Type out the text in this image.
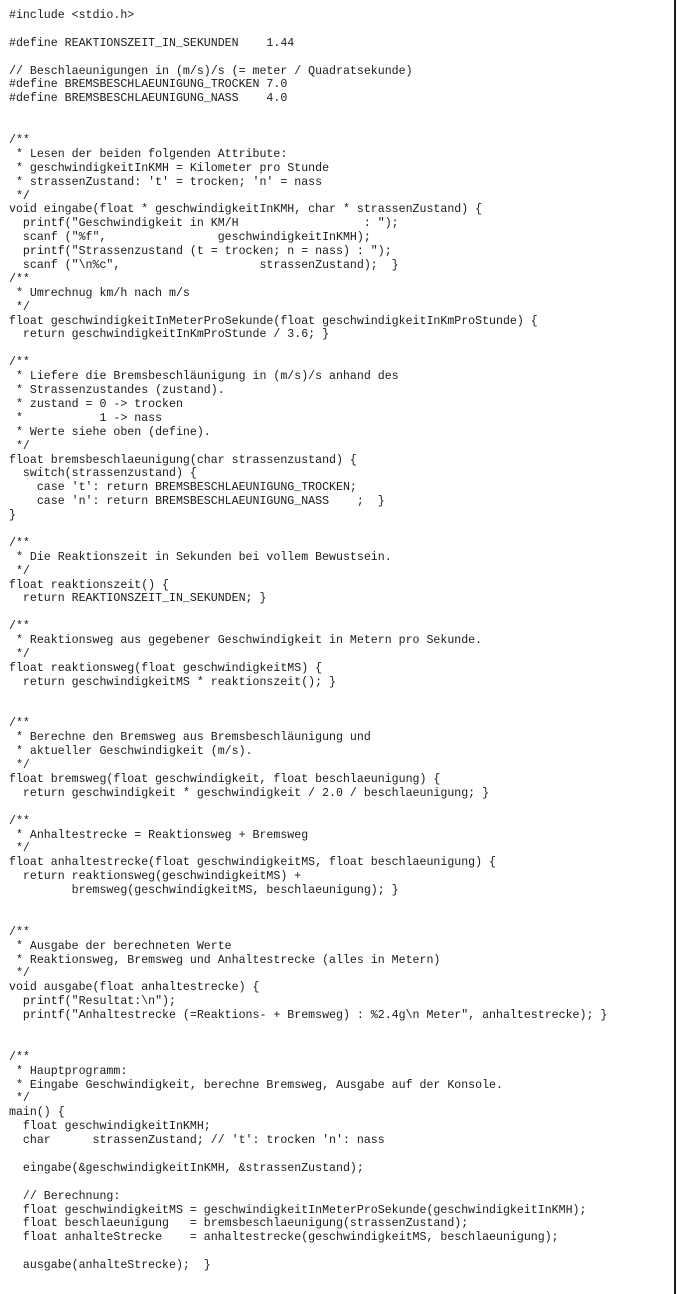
#include <stdio.h>
#define REAKTIONSZEIT_IN_SEKUNDEN    1.44
// Beschlaeunigungen in (m/s)/s (= meter / Quadratsekunde)
#define BREMSBESCHLAEUNIGUNG_TROCKEN 7.0
#define BREMSBESCHLAEUNIGUNG_NASS    4.0
/**
* Lesen der beiden folgenden Attribute:
* geschwindigkeitInKMH = Kilometer pro Stunde
* strassenZustand: 't' = trocken; 'n' = nass
*/
void eingabe(float * geschwindigkeitInKMH, char * strassenZustand) {
printf("Geschwindigkeit in KM/H                  : ");
scanf ("%f",                geschwindigkeitInKMH);
printf("Strassenzustand (t = trocken; n = nass) : ");
scanf ("\n%c",                    strassenZustand);  }
/**
* Umrechnug km/h nach m/s
*/
float geschwindigkeitInMeterProSekunde(float geschwindigkeitInKmProStunde) {
return geschwindigkeitInKmProStunde / 3.6; }
/**
* Liefere die Bremsbeschläunigung in (m/s)/s anhand des
* Strassenzustandes (zustand).
* zustand = 0 -> trocken
*           1 -> nass
* Werte siehe oben (define).
*/
float bremsbeschlaeunigung(char strassenzustand) {
switch(strassenzustand) {
case 't': return BREMSBESCHLAEUNIGUNG_TROCKEN;
case 'n': return BREMSBESCHLAEUNIGUNG_NASS    ;  }
}
/**
* Die Reaktionszeit in Sekunden bei vollem Bewustsein.
*/
float reaktionszeit() {
return REAKTIONSZEIT_IN_SEKUNDEN; }
/**
* Reaktionsweg aus gegebener Geschwindigkeit in Metern pro Sekunde.
*/
float reaktionsweg(float geschwindigkeitMS) {
return geschwindigkeitMS * reaktionszeit(); }
/**
* Berechne den Bremsweg aus Bremsbeschläunigung und
* aktueller Geschwindigkeit (m/s).
*/
float bremsweg(float geschwindigkeit, float beschlaeunigung) {
return geschwindigkeit * geschwindigkeit / 2.0 / beschlaeunigung; }
/**
* Anhaltestrecke = Reaktionsweg + Bremsweg
*/
float anhaltestrecke(float geschwindigkeitMS, float beschlaeunigung) {
return reaktionsweg(geschwindigkeitMS) +
bremsweg(geschwindigkeitMS, beschlaeunigung); }
/**
* Ausgabe der berechneten Werte
* Reaktionsweg, Bremsweg und Anhaltestrecke (alles in Metern)
*/
void ausgabe(float anhaltestrecke) {
printf("Resultat:\n");
printf("Anhaltestrecke (=Reaktions- + Bremsweg) : %2.4g\n Meter", anhaltestrecke); }
/**
* Hauptprogramm:
* Eingabe Geschwindigkeit, berechne Bremsweg, Ausgabe auf der Konsole.
*/
main() {
float geschwindigkeitInKMH;
char      strassenZustand; // 't': trocken 'n': nass
eingabe(&geschwindigkeitInKMH, &strassenZustand);
// Berechnung:
float geschwindigkeitMS = geschwindigkeitInMeterProSekunde(geschwindigkeitInKMH);
float beschlaeunigung   = bremsbeschlaeunigung(strassenZustand);
float anhalteStrecke    = anhaltestrecke(geschwindigkeitMS, beschlaeunigung);
ausgabe(anhalteStrecke);  }
